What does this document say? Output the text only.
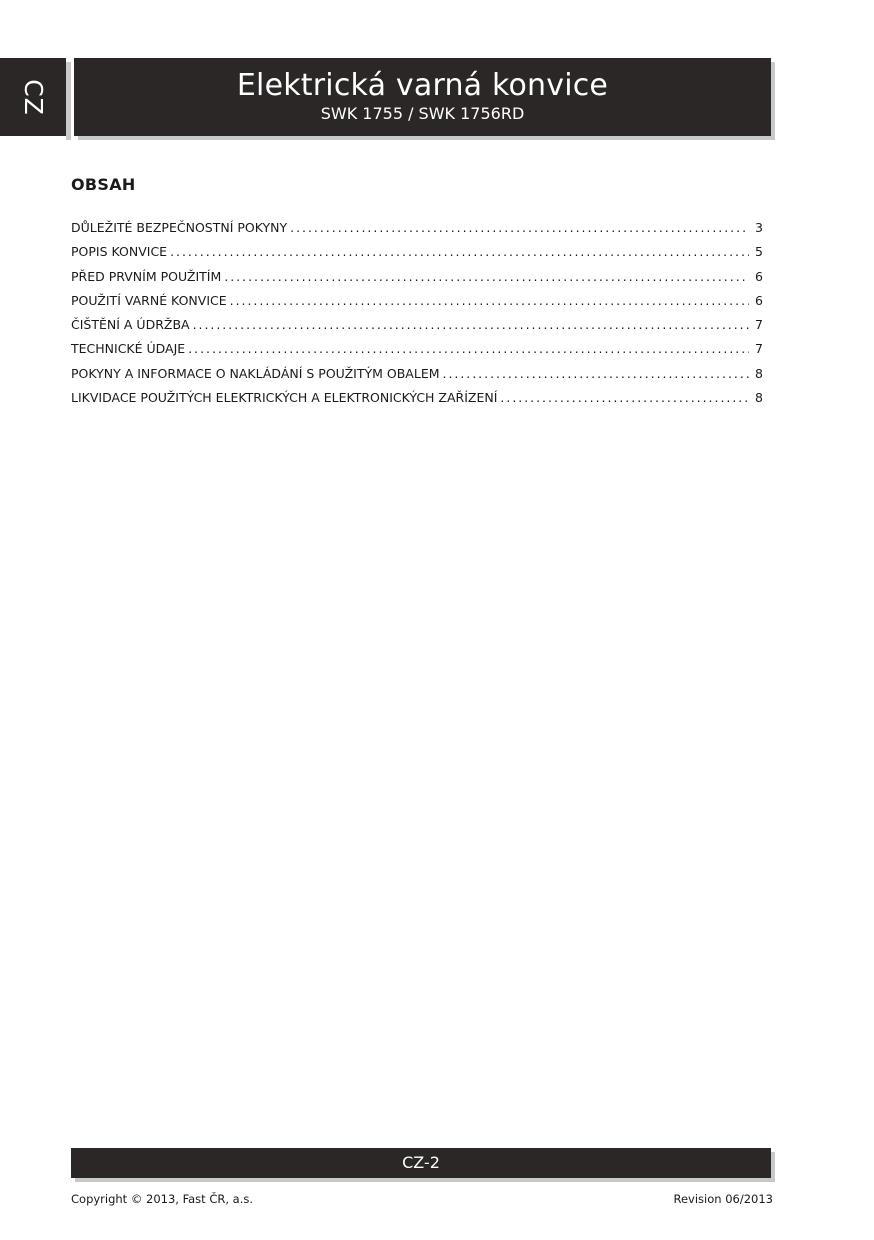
CZ	Elektrická varná konvice
SWK 1755 / SWK 1756RD
OBSAH
DŮLEŽITÉ BEZPEČNOSTNÍ POKYNY . . .	3
POPIS KONVICE . . .	5
PŘED PRVNÍM POUŽITÍM . . .	6
POUŽITÍ VARNÉ KONVICE . . .	6
ČIŠTĚNÍ A ÚDRŽBA . . .	7
TECHNICKÉ ÚDAJE . . .	7
POKYNY A INFORMACE O NAKLÁDÁNÍ S POUŽITÝM OBALEM . . .	8
LIKVIDACE POUŽITÝCH ELEKTRICKÝCH A ELEKTRONICKÝCH ZAŘÍZENÍ . . .	8
CZ-2
Copyright © 2013, Fast ČR, a.s.	Revision 06/2013
